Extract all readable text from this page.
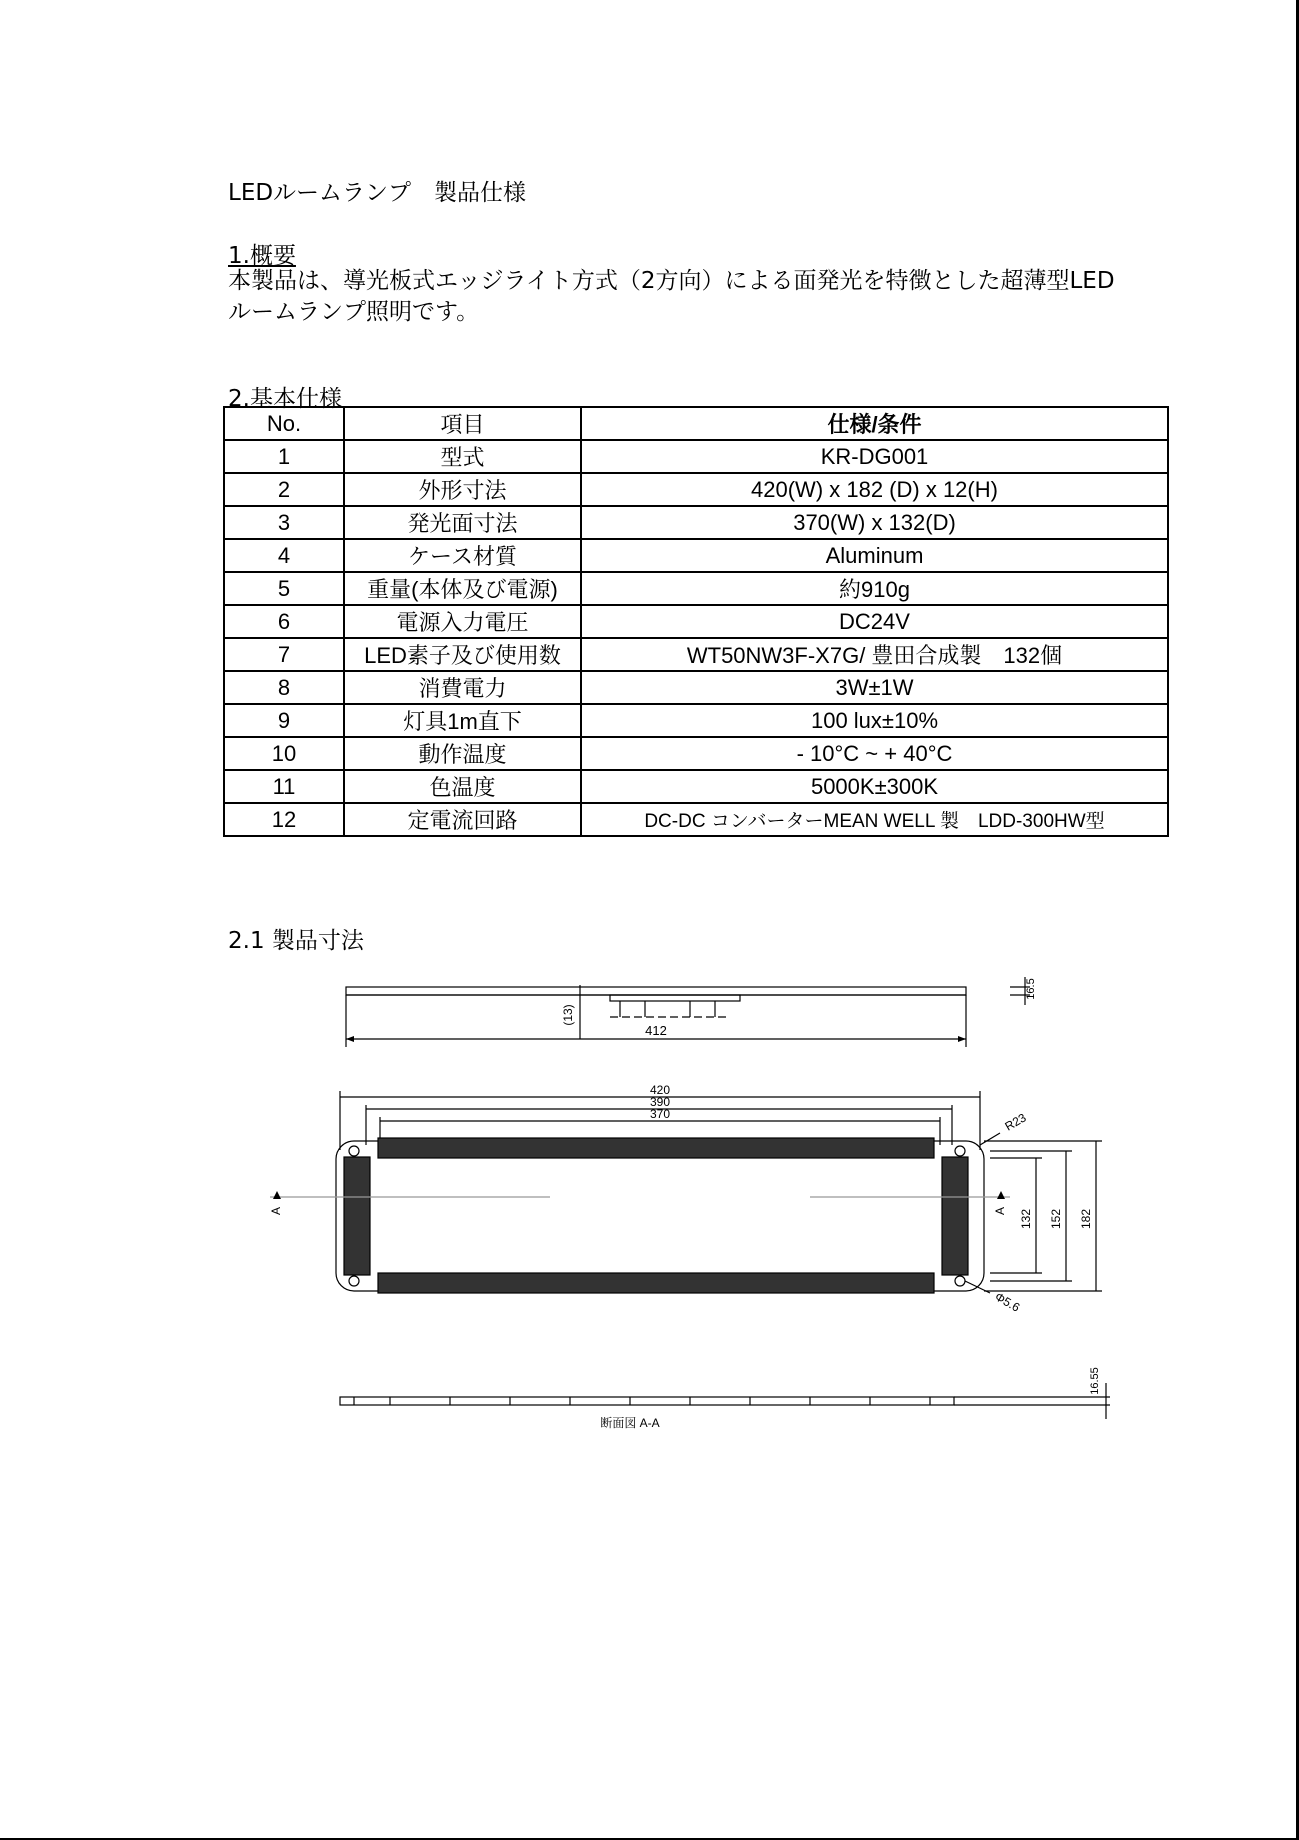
LEDルームランプ　製品仕様
1.概要
本製品は、導光板式エッジライト方式（2方向）による面発光を特徴とした超薄型LED
ルームランプ照明です。
2.基本仕様
No.	項目	仕様/条件
1	型式	KR-DG001
2	外形寸法	420(W) x 182 (D) x 12(H)
3	発光面寸法	370(W) x 132(D)
4	ケース材質	Aluminum
5	重量(本体及び電源)	約910g
6	電源入力電圧	DC24V
7	LED素子及び使用数	WT50NW3F-X7G/ 豊田合成製　132個
8	消費電力	3W±1W
9	灯具1m直下	100 lux±10%
10	動作温度	- 10°C ~ + 40°C
11	色温度	5000K±300K
12	定電流回路	DC-DC コンバーターMEAN WELL 製　LDD-300HW型
2.1 製品寸法
412
(13)
16.5
420
390
370	R23
Φ5.6
A	A 132 152 182
16.55
断面図 A-A
